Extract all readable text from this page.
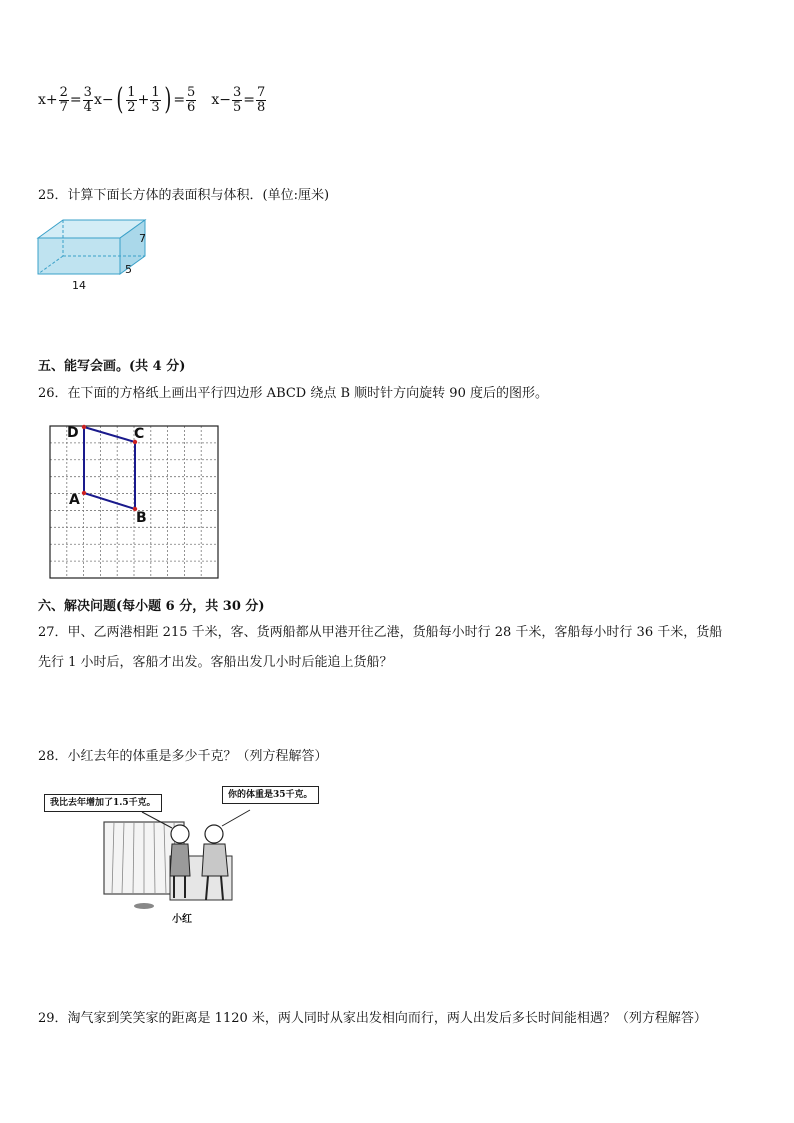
$x + \frac{2}{7} = \frac{3}{4}$ x − ( $\frac{1}{2} + \frac{1}{3}$ ) = $\frac{5}{6}$ $x - \frac{3}{5} = \frac{7}{8}$
25．计算下面长方体的表面积与体积．(单位:厘米)
7
5
14
五、能写会画。(共 4 分)
26．在下面的方格纸上画出平行四边形 ABCD 绕点 B 顺时针方向旋转 90 度后的图形。
D	C
A
B
六、解决问题(每小题 6 分，共 30 分)
27．甲、乙两港相距 215 千米，客、货两船都从甲港开往乙港，货船每小时行 28 千米，客船每小时行 36 千米，货船
先行 1 小时后，客船才出发。客船出发几小时后能追上货船？
28．小红去年的体重是多少千克？（列方程解答）
我比去年增加了1.5千克。
你的体重是35千克。
小红
29．淘气家到笑笑家的距离是 1120 米，两人同时从家出发相向而行，两人出发后多长时间能相遇？（列方程解答）
